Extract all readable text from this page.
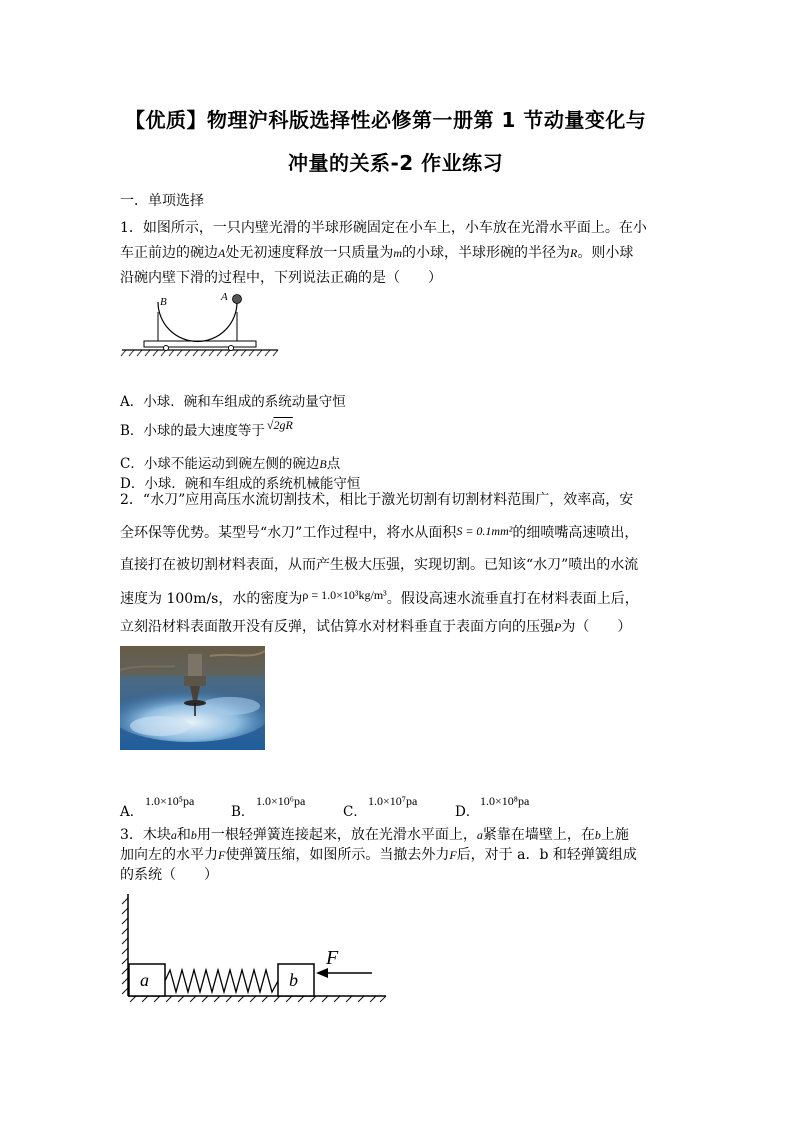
【优质】物理沪科版选择性必修第一册第 1 节动量变化与
冲量的关系-2 作业练习
一．单项选择
1．如图所示，一只内壁光滑的半球形碗固定在小车上，小车放在光滑水平面上。在小
车正前边的碗边A处无初速度释放一只质量为m的小球，半球形碗的半径为R。则小球
沿碗内壁下滑的过程中，下列说法正确的是（　　）
B	A
A．小球．碗和车组成的系统动量守恒
B．小球的最大速度等于 √2gR
C．小球不能运动到碗左侧的碗边B点
D．小球．碗和车组成的系统机械能守恒
2．“水刀”应用高压水流切割技术，相比于激光切割有切割材料范围广，效率高，安
全环保等优势。某型号“水刀”工作过程中，将水从面积S = 0.1mm²的细喷嘴高速喷出，
直接打在被切割材料表面，从而产生极大压强，实现切割。已知该“水刀”喷出的水流
速度为 100m/s，水的密度为ρ = 1.0×10³kg/m³。假设高速水流垂直打在材料表面上后，
立刻沿材料表面散开没有反弹，试估算水对材料垂直于表面方向的压强P为（　　）
A．
1.0×10⁵pa
B．
1.0×10⁶pa
C．
1.0×10⁷pa
D．
1.0×10⁸pa
3．木块a和b用一根轻弹簧连接起来，放在光滑水平面上，a紧靠在墙壁上，在b上施
加向左的水平力F使弹簧压缩，如图所示。当撤去外力F后，对于 a．b 和轻弹簧组成
的系统（　　）
a	b
F
